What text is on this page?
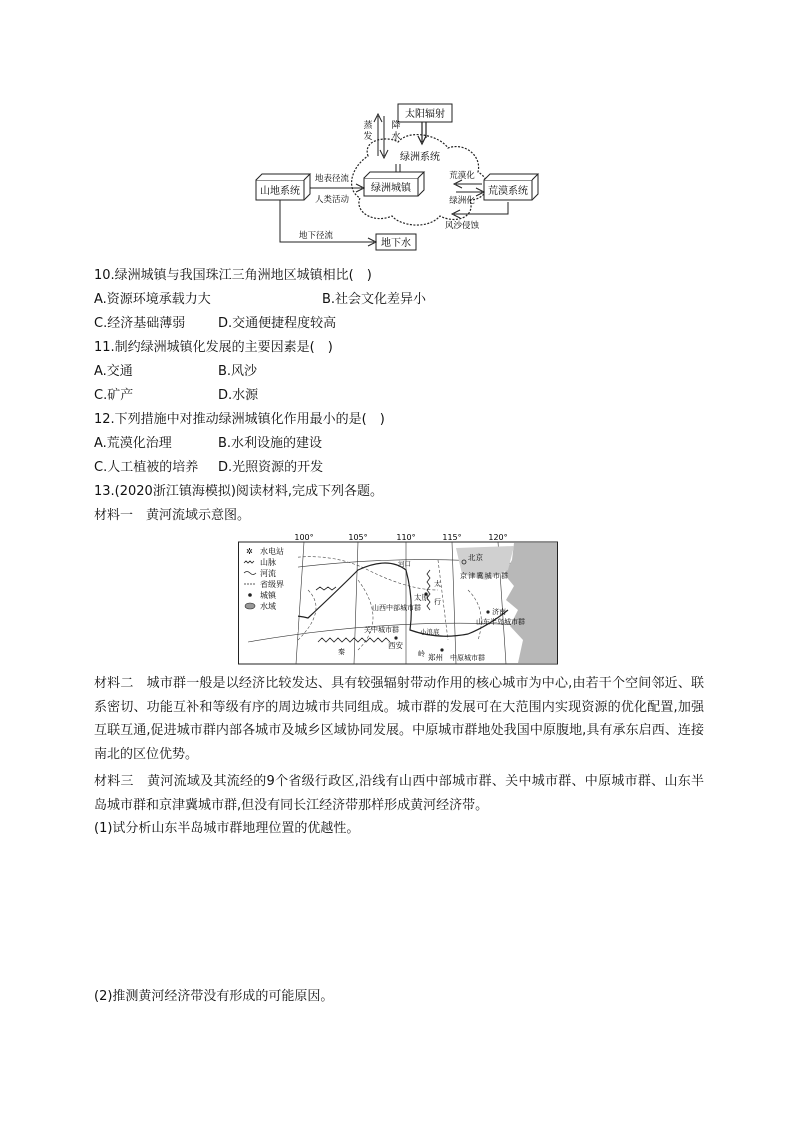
太阳辐射
蒸发
降水
绿洲系统
绿洲城镇
山地系统	荒漠系统
地表径流
人类活动
荒漠化
绿洲化
风沙侵蚀
地下水
地下径流
10.绿洲城镇与我国珠江三角洲地区城镇相比(　)
A.资源环境承载力大	B.社会文化差异小
C.经济基础薄弱	D.交通便捷程度较高
11.制约绿洲城镇化发展的主要因素是(　)
A.交通	B.风沙
C.矿产	D.水源
12.下列措施中对推动绿洲城镇化作用最小的是(　)
A.荒漠化治理	B.水利设施的建设
C.人工植被的培养 D.光照资源的开发
13.(2020浙江镇海模拟)阅读材料,完成下列各题。
材料一　黄河流域示意图。
100°	105°	110°	115°	120°
水电站
✲
山脉
河流
省级界
城镇
水域
北京
河口
京津冀城市群
太
行
太原
山西中部城市群	济南
山东半岛城市群
关中城市群	小浪底
西安
秦	岭 郑州 中原城市群
材料二　城市群一般是以经济比较发达、具有较强辐射带动作用的核心城市为中心,由若干个空间邻近、联系密切、功能互补和等级有序的周边城市共同组成。城市群的发展可在大范围内实现资源的优化配置,加强互联互通,促进城市群内部各城市及城乡区域协同发展。中原城市群地处我国中原腹地,具有承东启西、连接南北的区位优势。
材料三　黄河流域及其流经的9个省级行政区,沿线有山西中部城市群、关中城市群、中原城市群、山东半岛城市群和京津冀城市群,但没有同长江经济带那样形成黄河经济带。
(1)试分析山东半岛城市群地理位置的优越性。
(2)推测黄河经济带没有形成的可能原因。
